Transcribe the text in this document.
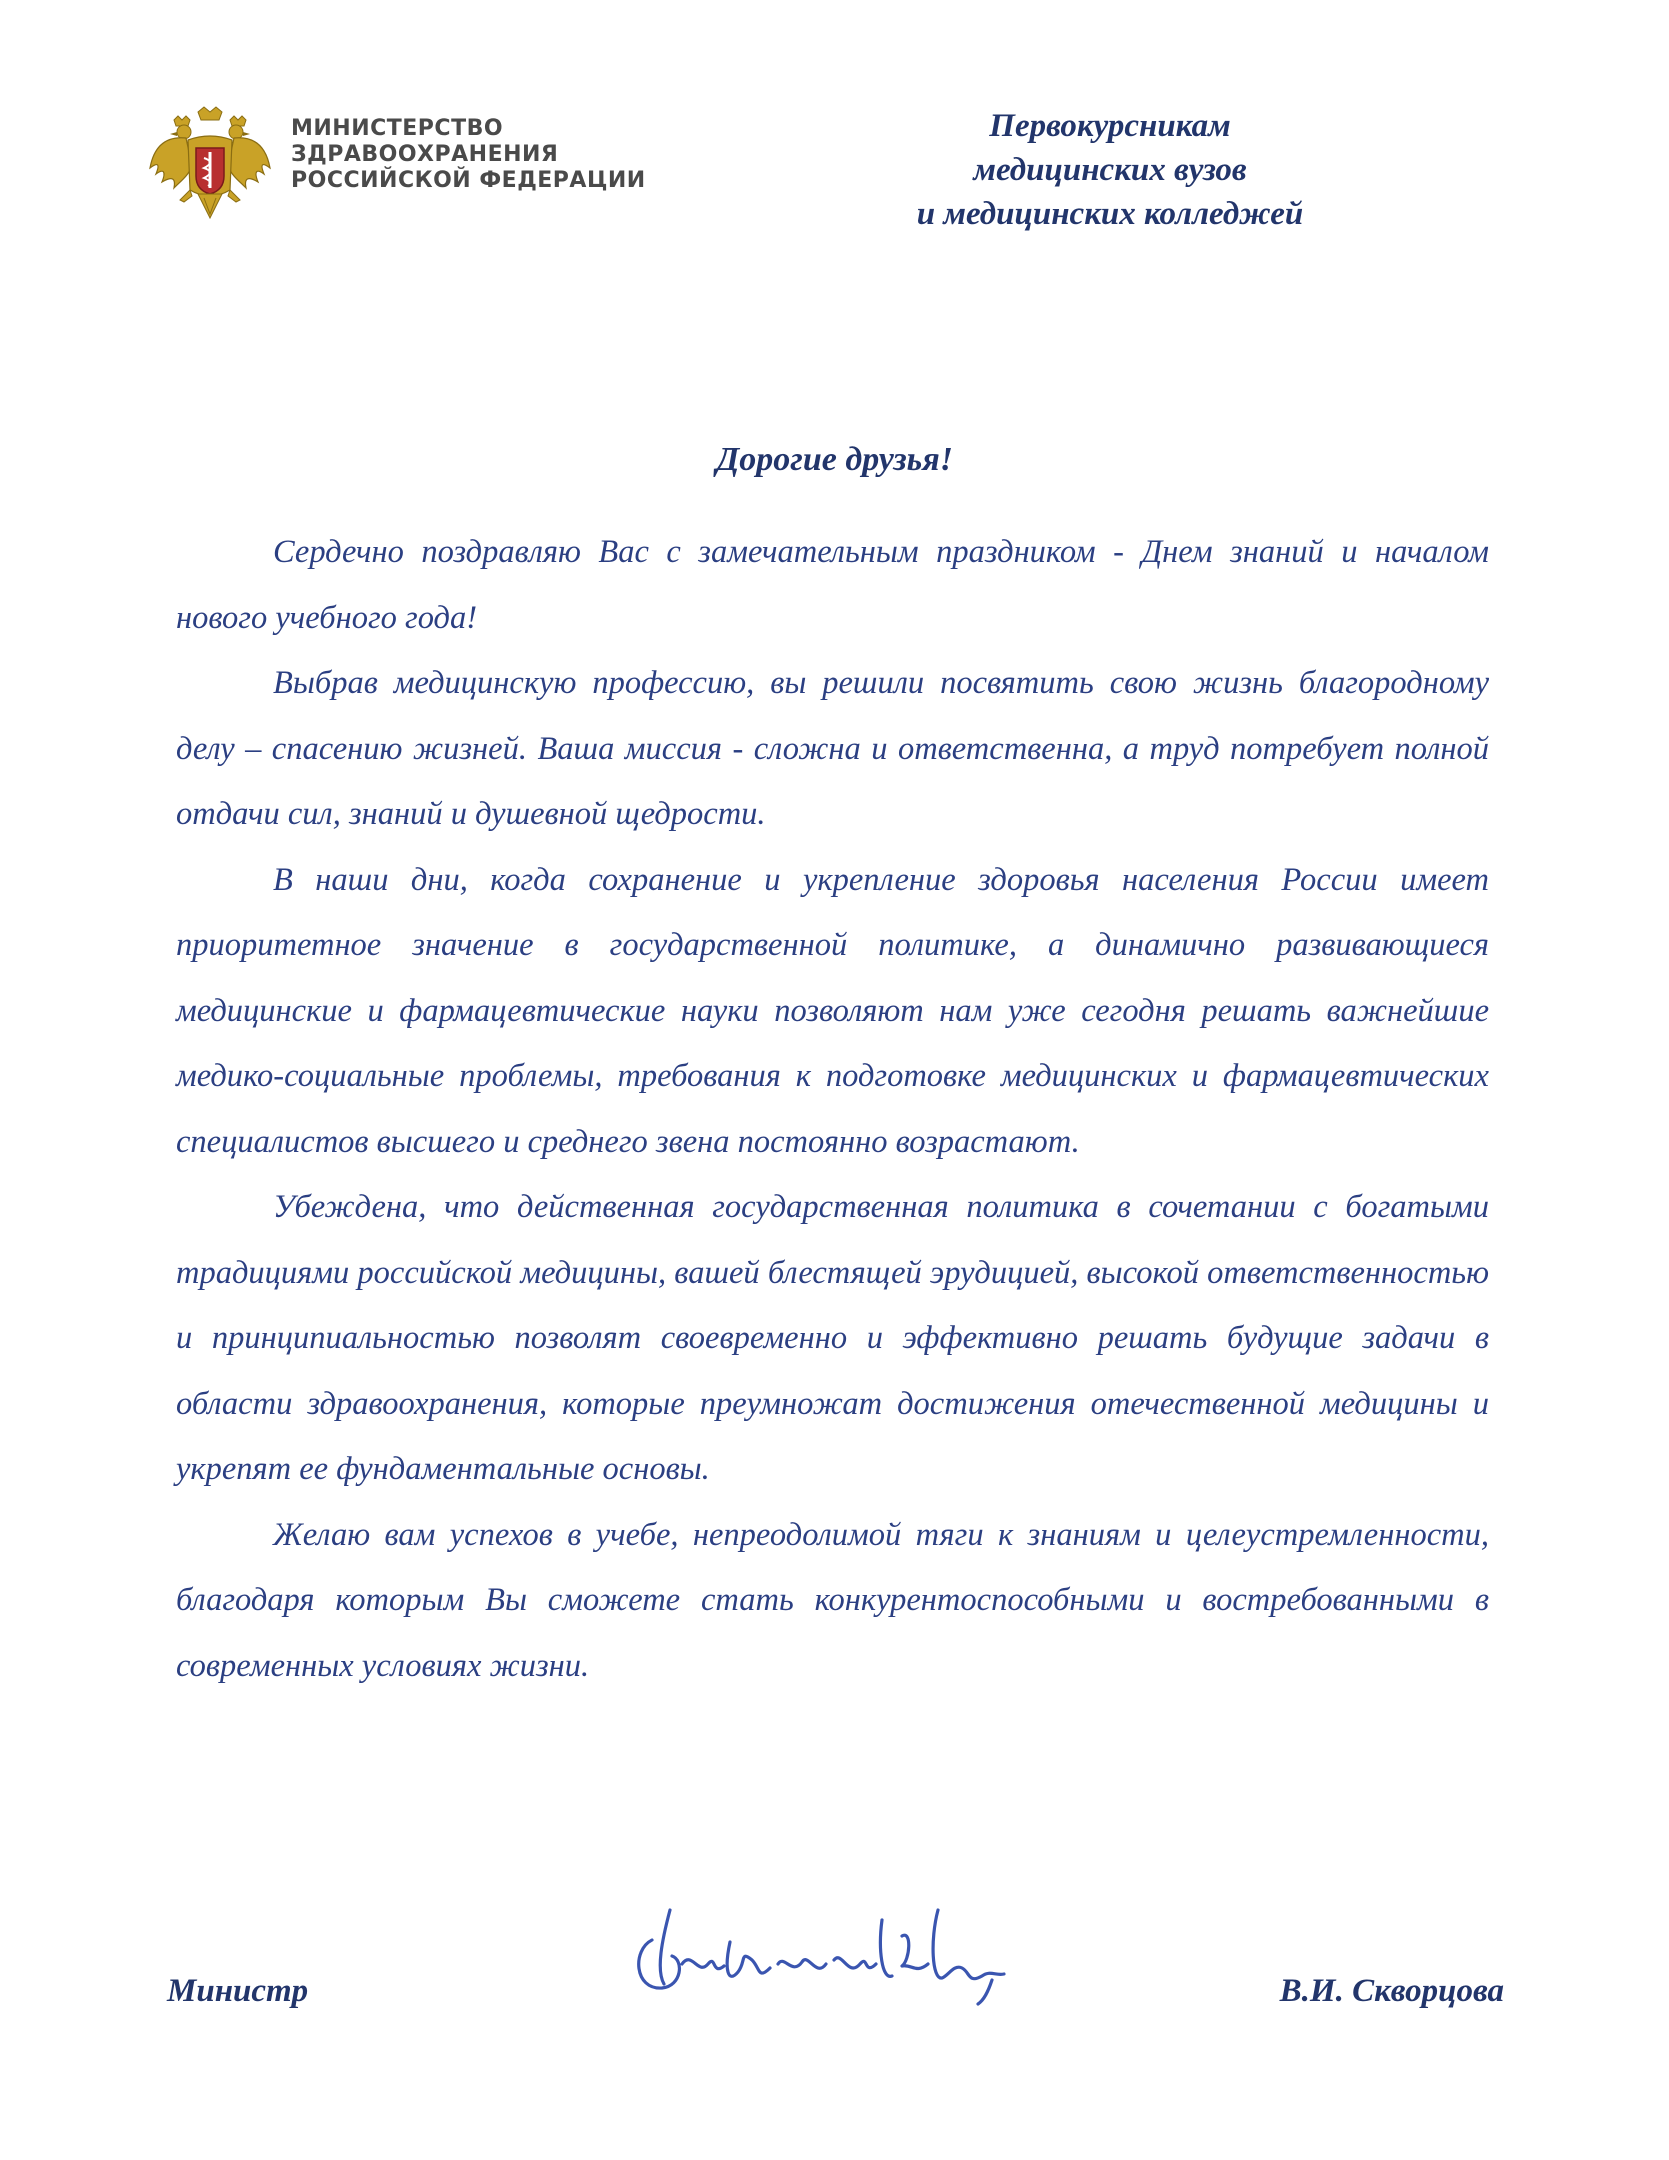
МИНИСТЕРСТВО
ЗДРАВООХРАНЕНИЯ
РОССИЙСКОЙ ФЕДЕРАЦИИ
Первокурсникам
медицинских вузов
и медицинских колледжей
Дорогие друзья!

Сердечно поздравляю Вас с замечательным праздником - Днем знаний и началом нового учебного года!

Выбрав медицинскую профессию, вы решили посвятить свою жизнь благородному делу – спасению жизней. Ваша миссия - сложна и ответственна, а труд потребует полной отдачи сил, знаний и душевной щедрости.

В наши дни, когда сохранение и укрепление здоровья населения России имеет приоритетное значение в государственной политике, а динамично развивающиеся медицинские и фармацевтические науки позволяют нам уже сегодня решать важнейшие медико-социальные проблемы, требования к подготовке медицинских и фармацевтических специалистов высшего и среднего звена постоянно возрастают.

Убеждена, что действенная государственная политика в сочетании с богатыми традициями российской медицины, вашей блестящей эрудицией, высокой ответственностью и принципиальностью позволят своевременно и эффективно решать будущие задачи в области здравоохранения, которые преумножат достижения отечественной медицины и укрепят ее фундаментальные основы.

Желаю вам успехов в учебе, непреодолимой тяги к знаниям и целеустремленности, благодаря которым Вы сможете стать конкурентоспособными и востребованными в современных условиях жизни.

Министр	В.И. Скворцова
